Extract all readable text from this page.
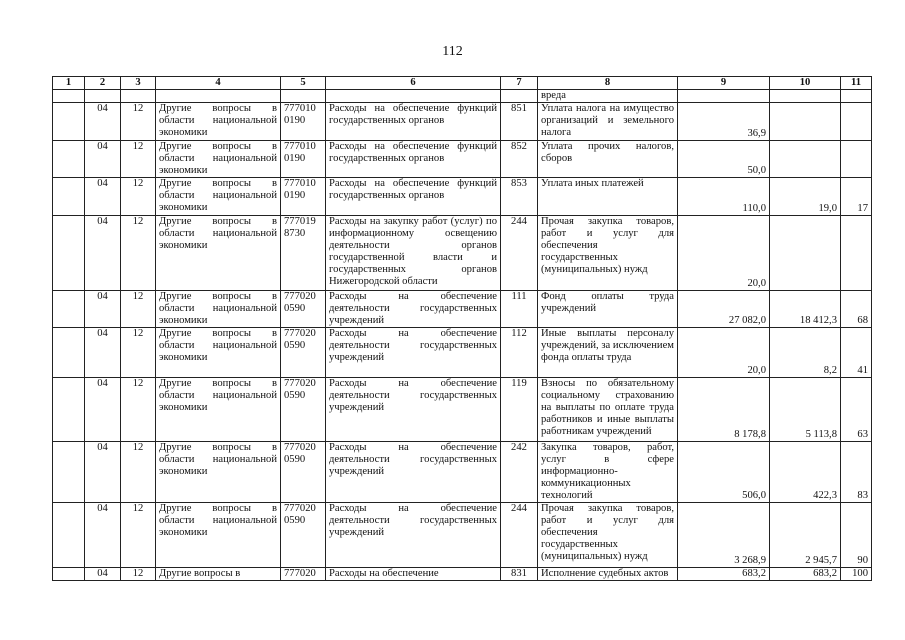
112
1	2	3	4	5	6	7	8	9	10	11
							вреда			
	04	12	Другие вопросы в области национальной экономики	777010 0190	Расходы на обеспечение функций государственных органов	851	Уплата налога на имущество организаций и земельного налога	36,9		
	04	12	Другие вопросы в области национальной экономики	777010 0190	Расходы на обеспечение функций государственных органов	852	Уплата прочих налогов, сборов	50,0		
	04	12	Другие вопросы в области национальной экономики	777010 0190	Расходы на обеспечение функций государственных органов	853	Уплата иных платежей	110,0	19,0	17
	04	12	Другие вопросы в области национальной экономики	777019 8730	Расходы на закупку работ (услуг) по информационному освещению деятельности органов государственной власти и государственных органов Нижегородской области	244	Прочая закупка товаров, работ и услуг для обеспечения государственных (муниципальных) нужд	20,0		
	04	12	Другие вопросы в области национальной экономики	777020 0590	Расходы на обеспечение деятельности государственных учреждений	111	Фонд оплаты труда учреждений	27 082,0	18 412,3	68
	04	12	Другие вопросы в области национальной экономики	777020 0590	Расходы на обеспечение деятельности государственных учреждений	112	Иные выплаты персоналу учреждений, за исключением фонда оплаты труда	20,0	8,2	41
	04	12	Другие вопросы в области национальной экономики	777020 0590	Расходы на обеспечение деятельности государственных учреждений	119	Взносы по обязательному социальному страхованию на выплаты по оплате труда работников и иные выплаты работникам учреждений	8 178,8	5 113,8	63
	04	12	Другие вопросы в области национальной экономики	777020 0590	Расходы на обеспечение деятельности государственных учреждений	242	Закупка товаров, работ, услуг в сфере информационно-коммуникационных технологий	506,0	422,3	83
	04	12	Другие вопросы в области национальной экономики	777020 0590	Расходы на обеспечение деятельности государственных учреждений	244	Прочая закупка товаров, работ и услуг для обеспечения государственных (муниципальных) нужд	3 268,9	2 945,7	90
	04	12	Другие вопросы в	777020	Расходы на обеспечение	831	Исполнение судебных актов	683,2	683,2	100
